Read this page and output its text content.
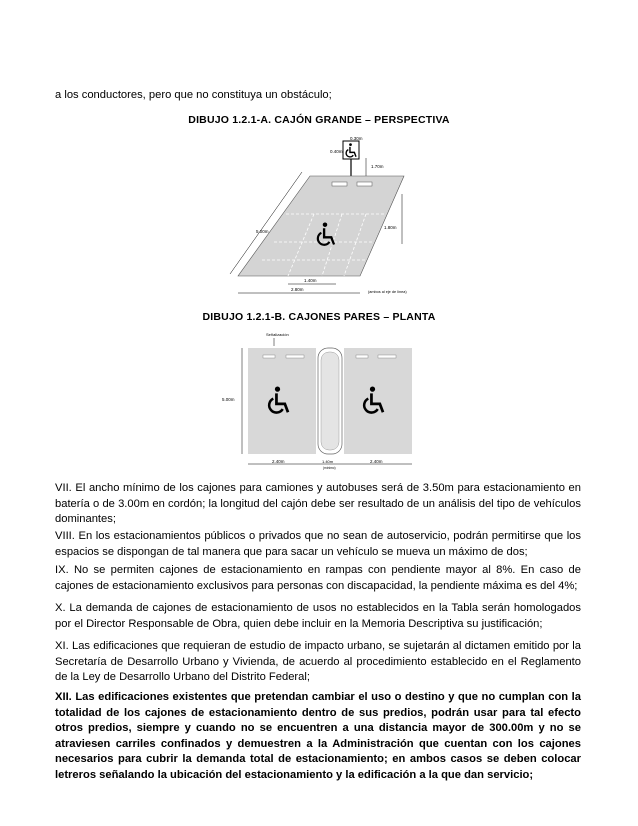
a los conductores, pero que no constituya un obstáculo;

DIBUJO 1.2.1-A. CAJÓN GRANDE – PERSPECTIVA
0.30m
0.40m
1.70m
5.00m
1.80m
1.40m
2.80m	(ambos al eje de línea)
DIBUJO 1.2.1-B. CAJONES PARES – PLANTA
Señalización
5.00m
2.40m	1.40m
(mínimo)
2.40m

VII. El ancho mínimo de los cajones para camiones y autobuses será de 3.50m para estacionamiento en batería o de 3.00m en cordón; la longitud del cajón debe ser resultado de un análisis del tipo de vehículos dominantes;

VIII. En los estacionamientos públicos o privados que no sean de autoservicio, podrán permitirse que los espacios se dispongan de tal manera que para sacar un vehículo se mueva un máximo de dos;

IX. No se permiten cajones de estacionamiento en rampas con pendiente mayor al 8%. En caso de cajones de estacionamiento exclusivos para personas con discapacidad, la pendiente máxima es del 4%;

X. La demanda de cajones de estacionamiento de usos no establecidos en la Tabla serán homologados por el Director Responsable de Obra, quien debe incluir en la Memoria Descriptiva su justificación;

XI. Las edificaciones que requieran de estudio de impacto urbano, se sujetarán al dictamen emitido por la Secretaría de Desarrollo Urbano y Vivienda, de acuerdo al procedimiento establecido en el Reglamento de la Ley de Desarrollo Urbano del Distrito Federal;

XII. Las edificaciones existentes que pretendan cambiar el uso o destino y que no cumplan con la totalidad de los cajones de estacionamiento dentro de sus predios, podrán usar para tal efecto otros predios, siempre y cuando no se encuentren a una distancia mayor de 300.00m y no se atraviesen carriles confinados y demuestren a la Administración que cuentan con los cajones necesarios para cubrir la demanda total de estacionamiento; en ambos casos se deben colocar letreros señalando la ubicación del estacionamiento y la edificación a la que dan servicio;
